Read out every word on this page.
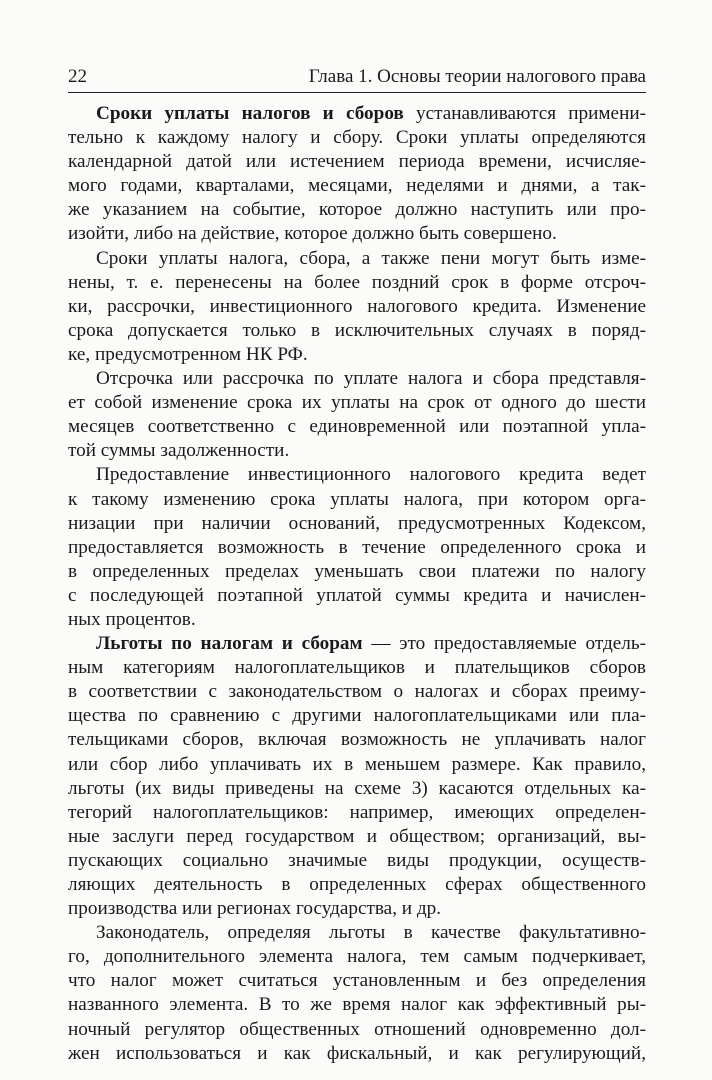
22	Глава 1. Основы теории налогового права
Сроки уплаты налогов и сборов устанавливаются примени-
тельно к каждому налогу и сбору. Сроки уплаты определяются
календарной датой или истечением периода времени, исчисляе-
мого годами, кварталами, месяцами, неделями и днями, а так-
же указанием на событие, которое должно наступить или про-
изойти, либо на действие, которое должно быть совершено.
Сроки уплаты налога, сбора, а также пени могут быть изме-
нены, т. е. перенесены на более поздний срок в форме отсроч-
ки, рассрочки, инвестиционного налогового кредита. Изменение
срока допускается только в исключительных случаях в поряд-
ке, предусмотренном НК РФ.
Отсрочка или рассрочка по уплате налога и сбора представля-
ет собой изменение срока их уплаты на срок от одного до шести
месяцев соответственно с единовременной или поэтапной упла-
той суммы задолженности.
Предоставление инвестиционного налогового кредита ведет
к такому изменению срока уплаты налога, при котором орга-
низации при наличии оснований, предусмотренных Кодексом,
предоставляется возможность в течение определенного срока и
в определенных пределах уменьшать свои платежи по налогу
с последующей поэтапной уплатой суммы кредита и начислен-
ных процентов.
Льготы по налогам и сборам — это предоставляемые отдель-
ным категориям налогоплательщиков и плательщиков сборов
в соответствии с законодательством о налогах и сборах преиму-
щества по сравнению с другими налогоплательщиками или пла-
тельщиками сборов, включая возможность не уплачивать налог
или сбор либо уплачивать их в меньшем размере. Как правило,
льготы (их виды приведены на схеме 3) касаются отдельных ка-
тегорий налогоплательщиков: например, имеющих определен-
ные заслуги перед государством и обществом; организаций, вы-
пускающих социально значимые виды продукции, осуществ-
ляющих деятельность в определенных сферах общественного
производства или регионах государства, и др.
Законодатель, определяя льготы в качестве факультативно-
го, дополнительного элемента налога, тем самым подчеркивает,
что налог может считаться установленным и без определения
названного элемента. В то же время налог как эффективный ры-
ночный регулятор общественных отношений одновременно дол-
жен использоваться и как фискальный, и как регулирующий,
